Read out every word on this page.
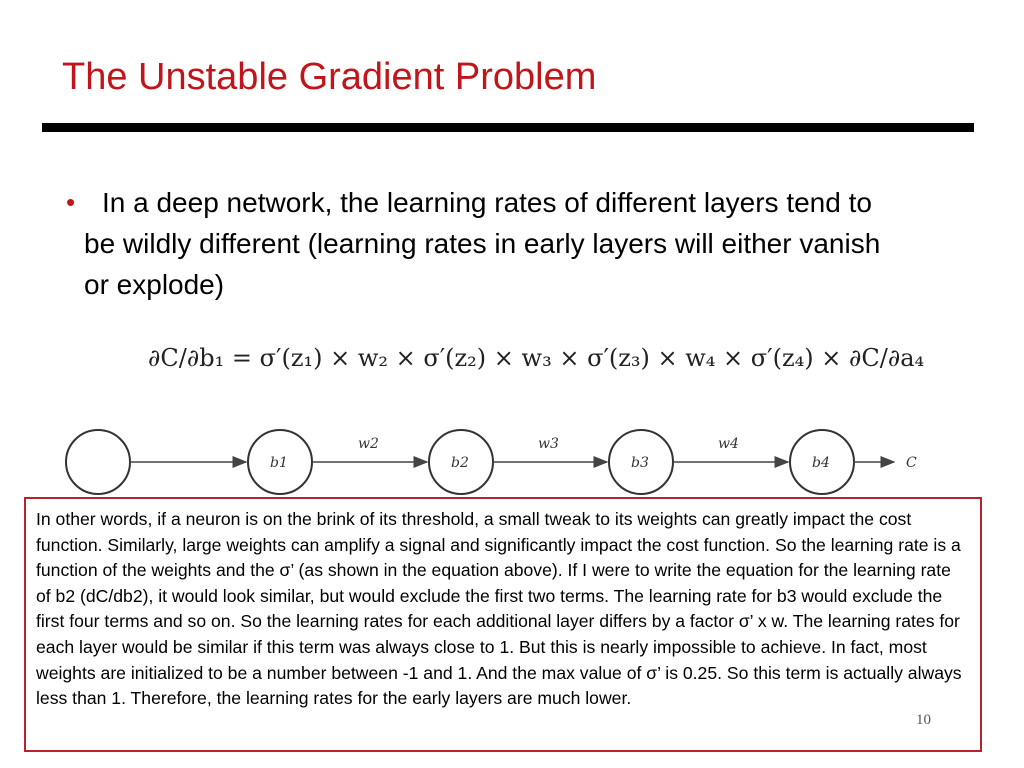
The Unstable Gradient Problem
• In a deep network, the learning rates of different layers tend to be wildly different (learning rates in early layers will either vanish or explode)
∂C/∂b₁ = σ′(z₁) × w₂ × σ′(z₂) × w₃ × σ′(z₃) × w₄ × σ′(z₄) × ∂C/∂a₄
b1	b2	b3	b4
w2	w3	w4
C
In other words, if a neuron is on the brink of its threshold, a small tweak to its weights can greatly impact the cost function. Similarly, large weights can amplify a signal and significantly impact the cost function. So the learning rate is a function of the weights and the σ’ (as shown in the equation above). If I were to write the equation for the learning rate of b2 (dC/db2), it would look similar, but would exclude the first two terms. The learning rate for b3 would exclude the first four terms and so on. So the learning rates for each additional layer differs by a factor σ’ x w. The learning rates for each layer would be similar if this term was always close to 1. But this is nearly impossible to achieve. In fact, most weights are initialized to be a number between -1 and 1. And the max value of σ’ is 0.25. So this term is actually always less than 1. Therefore, the learning rates for the early layers are much lower.
10
